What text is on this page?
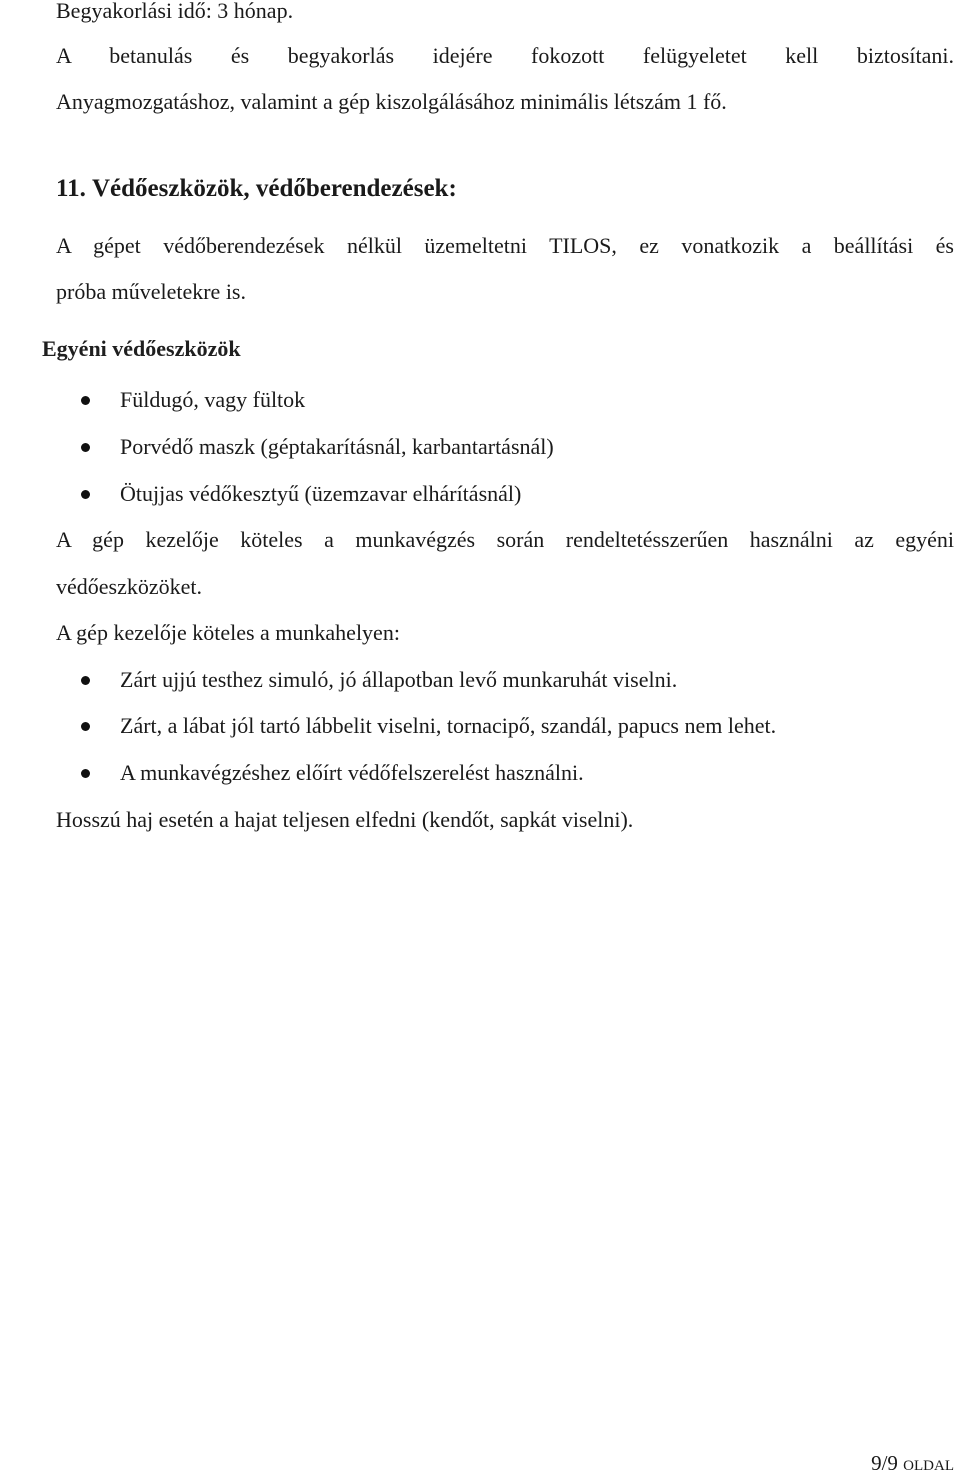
Begyakorlási idő: 3 hónap.
A betanulás és begyakorlás idejére fokozott felügyeletet kell biztosítani.
Anyagmozgatáshoz, valamint a gép kiszolgálásához minimális létszám 1 fő.
11. Védőeszközök, védőberendezések:
A gépet védőberendezések nélkül üzemeltetni TILOS, ez vonatkozik a beállítási és
próba műveletekre is.
Egyéni védőeszközök
Füldugó, vagy fültok
Porvédő maszk (géptakarításnál, karbantartásnál)
Ötujjas védőkesztyű (üzemzavar elhárításnál)
A gép kezelője köteles a munkavégzés során rendeltetésszerűen használni az egyéni
védőeszközöket.
A gép kezelője köteles a munkahelyen:
Zárt ujjú testhez simuló, jó állapotban levő munkaruhát viselni.
Zárt, a lábat jól tartó lábbelit viselni, tornacipő, szandál, papucs nem lehet.
A munkavégzéshez előírt védőfelszerelést használni.
Hosszú haj esetén a hajat teljesen elfedni (kendőt, sapkát viselni).
9/9 OLDAL
